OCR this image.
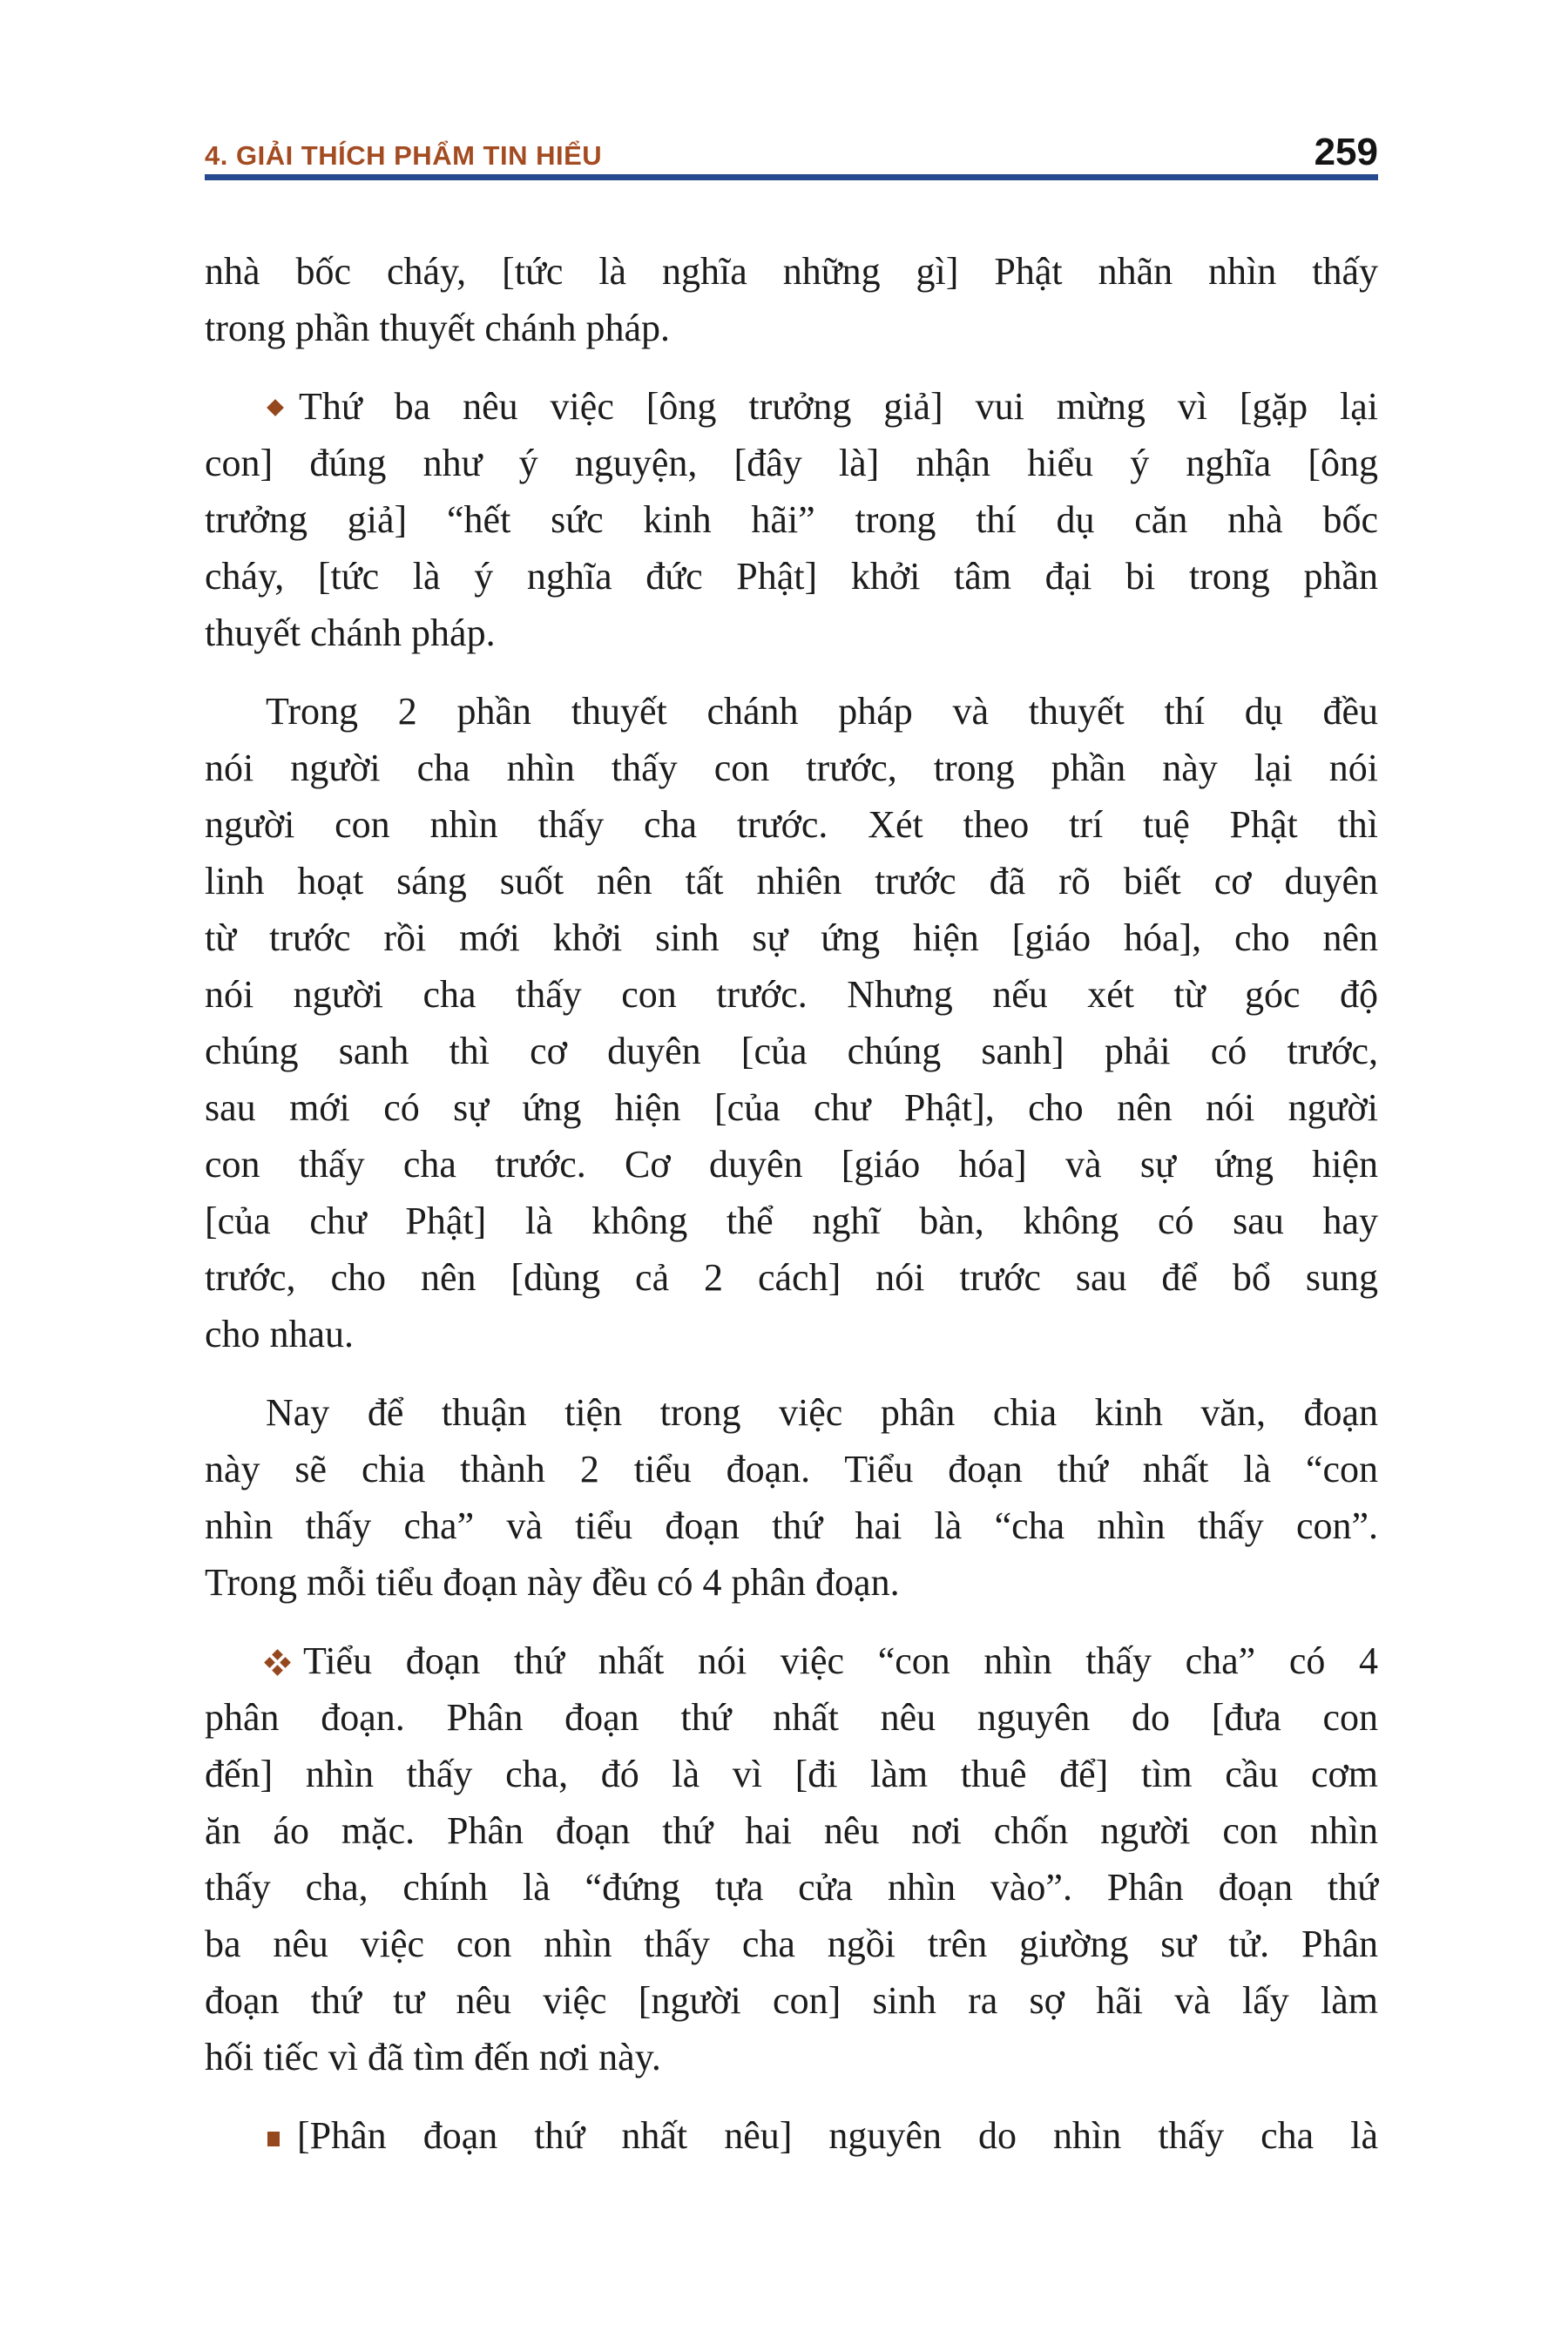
4. GIẢI THÍCH PHẨM TIN HIỂU	259
nhà bốc cháy, [tức là nghĩa những gì] Phật nhãn nhìn thấy
trong phần thuyết chánh pháp.
Thứ ba nêu việc [ông trưởng giả] vui mừng vì [gặp lại
con] đúng như ý nguyện, [đây là] nhận hiểu ý nghĩa [ông
trưởng giả] “hết sức kinh hãi” trong thí dụ căn nhà bốc
cháy, [tức là ý nghĩa đức Phật] khởi tâm đại bi trong phần
thuyết chánh pháp.
Trong 2 phần thuyết chánh pháp và thuyết thí dụ đều
nói người cha nhìn thấy con trước, trong phần này lại nói
người con nhìn thấy cha trước. Xét theo trí tuệ Phật thì
linh hoạt sáng suốt nên tất nhiên trước đã rõ biết cơ duyên
từ trước rồi mới khởi sinh sự ứng hiện [giáo hóa], cho nên
nói người cha thấy con trước. Nhưng nếu xét từ góc độ
chúng sanh thì cơ duyên [của chúng sanh] phải có trước,
sau mới có sự ứng hiện [của chư Phật], cho nên nói người
con thấy cha trước. Cơ duyên [giáo hóa] và sự ứng hiện
[của chư Phật] là không thể nghĩ bàn, không có sau hay
trước, cho nên [dùng cả 2 cách] nói trước sau để bổ sung
cho nhau.
Nay để thuận tiện trong việc phân chia kinh văn, đoạn
này sẽ chia thành 2 tiểu đoạn. Tiểu đoạn thứ nhất là “con
nhìn thấy cha” và tiểu đoạn thứ hai là “cha nhìn thấy con”.
Trong mỗi tiểu đoạn này đều có 4 phân đoạn.
Tiểu đoạn thứ nhất nói việc “con nhìn thấy cha” có 4
phân đoạn. Phân đoạn thứ nhất nêu nguyên do [đưa con
đến] nhìn thấy cha, đó là vì [đi làm thuê để] tìm cầu cơm
ăn áo mặc. Phân đoạn thứ hai nêu nơi chốn người con nhìn
thấy cha, chính là “đứng tựa cửa nhìn vào”. Phân đoạn thứ
ba nêu việc con nhìn thấy cha ngồi trên giường sư tử. Phân
đoạn thứ tư nêu việc [người con] sinh ra sợ hãi và lấy làm
hối tiếc vì đã tìm đến nơi này.
[Phân đoạn thứ nhất nêu] nguyên do nhìn thấy cha là
